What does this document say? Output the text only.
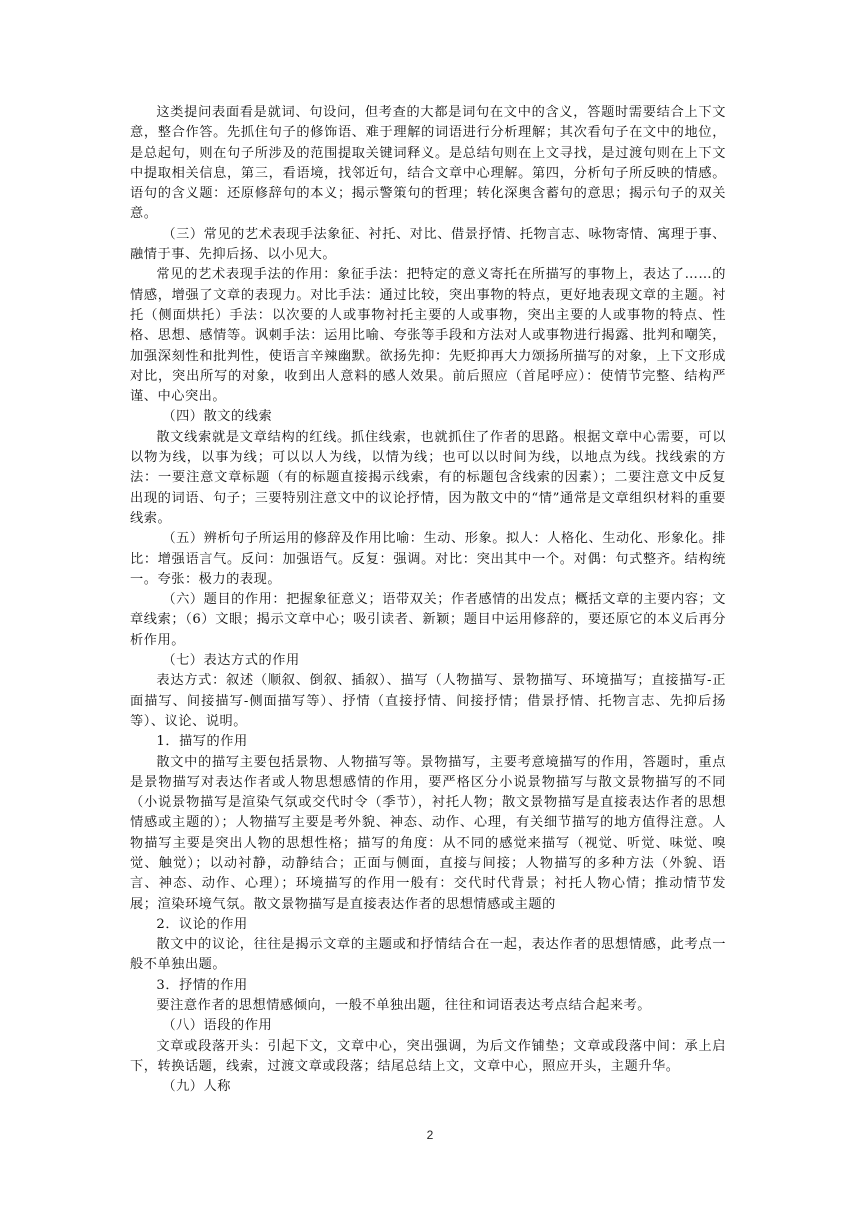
这类提问表面看是就词、句设问，但考查的大都是词句在文中的含义，答题时需要结合上下文意，整合作答。先抓住句子的修饰语、难于理解的词语进行分析理解；其次看句子在文中的地位，是总起句，则在句子所涉及的范围提取关键词释义。是总结句则在上文寻找，是过渡句则在上下文中提取相关信息，第三，看语境，找邻近句，结合文章中心理解。第四，分析句子所反映的情感。语句的含义题：还原修辞句的本义；揭示警策句的哲理；转化深奥含蓄句的意思；揭示句子的双关意。

（三）常见的艺术表现手法象征、衬托、对比、借景抒情、托物言志、咏物寄情、寓理于事、融情于事、先抑后扬、以小见大。

常见的艺术表现手法的作用：象征手法：把特定的意义寄托在所描写的事物上，表达了……的情感，增强了文章的表现力。对比手法：通过比较，突出事物的特点，更好地表现文章的主题。衬托（侧面烘托）手法：以次要的人或事物衬托主要的人或事物，突出主要的人或事物的特点、性格、思想、感情等。讽刺手法：运用比喻、夸张等手段和方法对人或事物进行揭露、批判和嘲笑，加强深刻性和批判性，使语言辛辣幽默。欲扬先抑：先贬抑再大力颂扬所描写的对象，上下文形成对比，突出所写的对象，收到出人意料的感人效果。前后照应（首尾呼应）：使情节完整、结构严谨、中心突出。

（四）散文的线索

散文线索就是文章结构的红线。抓住线索，也就抓住了作者的思路。根据文章中心需要，可以以物为线，以事为线；可以以人为线，以情为线；也可以以时间为线，以地点为线。找线索的方法：一要注意文章标题（有的标题直接揭示线索，有的标题包含线索的因素）；二要注意文中反复出现的词语、句子；三要特别注意文中的议论抒情，因为散文中的“情”通常是文章组织材料的重要线索。

（五）辨析句子所运用的修辞及作用比喻：生动、形象。拟人：人格化、生动化、形象化。排比：增强语言气。反问：加强语气。反复：强调。对比：突出其中一个。对偶：句式整齐。结构统一。夸张：极力的表现。

（六）题目的作用：把握象征意义；语带双关；作者感情的出发点；概括文章的主要内容；文章线索；（6）文眼；揭示文章中心；吸引读者、新颖；题目中运用修辞的，要还原它的本义后再分析作用。

（七）表达方式的作用

表达方式：叙述（顺叙、倒叙、插叙）、描写（人物描写、景物描写、环境描写；直接描写-正面描写、间接描写-侧面描写等）、抒情（直接抒情、间接抒情；借景抒情、托物言志、先抑后扬等）、议论、说明。

1．描写的作用

散文中的描写主要包括景物、人物描写等。景物描写，主要考意境描写的作用，答题时，重点是景物描写对表达作者或人物思想感情的作用，要严格区分小说景物描写与散文景物描写的不同（小说景物描写是渲染气氛或交代时令（季节），衬托人物；散文景物描写是直接表达作者的思想情感或主题的）；人物描写主要是考外貌、神态、动作、心理，有关细节描写的地方值得注意。人物描写主要是突出人物的思想性格；描写的角度：从不同的感觉来描写（视觉、听觉、味觉、嗅觉、触觉）；以动衬静，动静结合；正面与侧面，直接与间接；人物描写的多种方法（外貌、语言、神态、动作、心理）；环境描写的作用一般有：交代时代背景；衬托人物心情；推动情节发展；渲染环境气氛。散文景物描写是直接表达作者的思想情感或主题的

2．议论的作用

散文中的议论，往往是揭示文章的主题或和抒情结合在一起，表达作者的思想情感，此考点一般不单独出题。

3．抒情的作用

要注意作者的思想情感倾向，一般不单独出题，往往和词语表达考点结合起来考。

（八）语段的作用

文章或段落开头：引起下文，文章中心，突出强调，为后文作铺垫；文章或段落中间：承上启下，转换话题，线索，过渡文章或段落；结尾总结上文，文章中心，照应开头，主题升华。

（九）人称

2
